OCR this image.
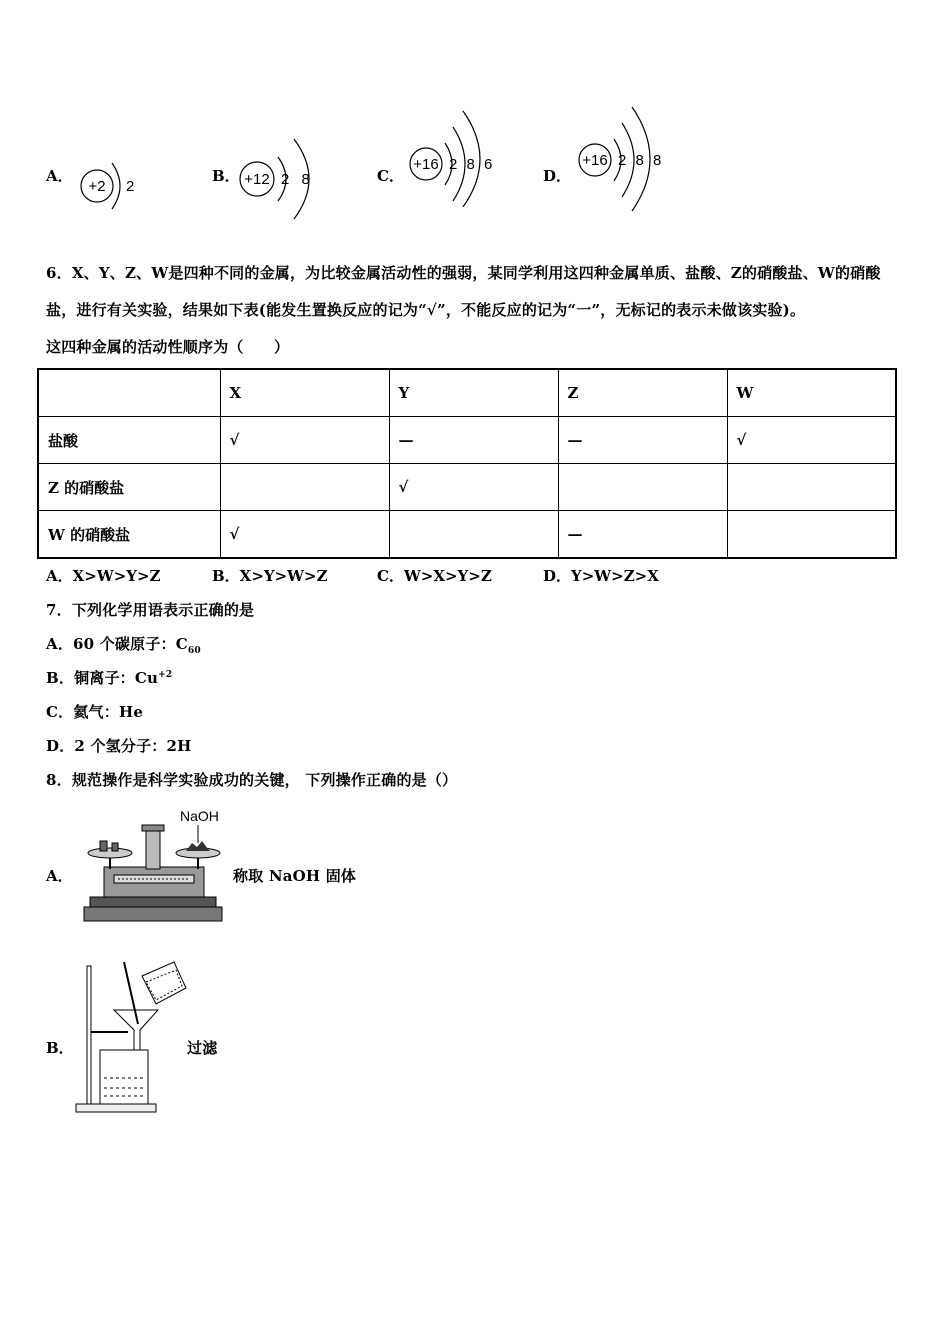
A．
+2 2
B． +12 2 8	C．
+16 2 8 6
D．
+16 2 8 8
6．X、Y、Z、W是四种不同的金属，为比较金属活动性的强弱，某同学利用这四种金属单质、盐酸、Z的硝酸盐、W的硝酸
盐，进行有关实验，结果如下表(能发生置换反应的记为“√”，不能反应的记为“一”，无标记的表示未做该实验)。
这四种金属的活动性顺序为（　　）
	X	Y	Z	W
盐酸	√	—	—	√
Z 的硝酸盐		√		
W 的硝酸盐	√		—	
A．X>W>Y>Z	B．X>Y>W>Z	C．W>X>Y>Z	D．Y>W>Z>X
7．下列化学用语表示正确的是
A．60 个碳原子：$C_{60}$
B．铜离子：$Cu^{+2}$
C．氦气：He
D．2 个氢分子：2H
8．规范操作是科学实验成功的关键， 下列操作正确的是（）
A．
NaOH
称取 NaOH 固体
B．	过滤
